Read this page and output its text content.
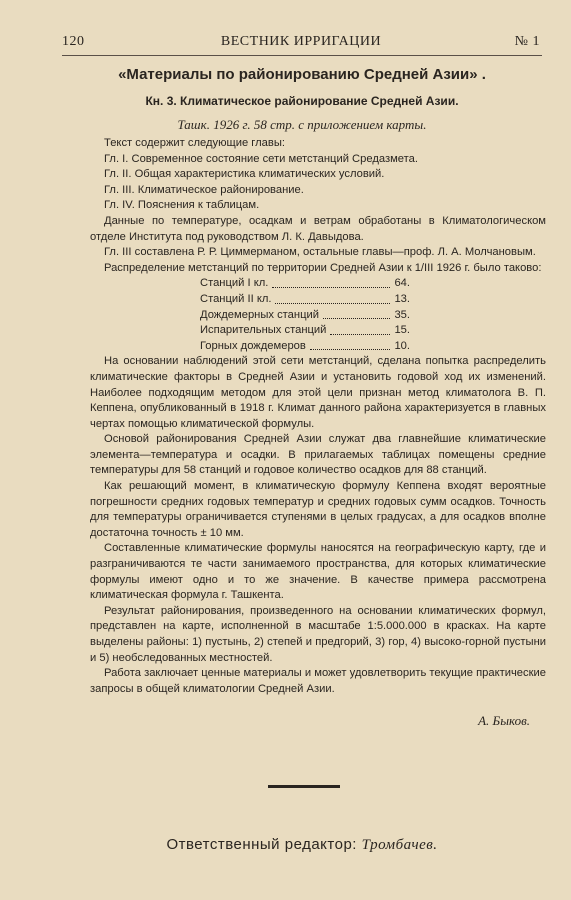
120	ВЕСТНИК ИРРИГАЦИИ	№ 1
«Материалы по районированию Средней Азии» .
Кн. 3. Климатическое районирование Средней Азии.
Ташк. 1926 г. 58 стр. с приложением карты.

Текст содержит следующие главы:

Гл. I. Современное состояние сети метстанций Средазмета.

Гл. II. Общая характеристика климатических условий.

Гл. III. Климатическое районирование.

Гл. IV. Пояснения к таблицам.

Данные по температуре, осадкам и ветрам обработаны в Климатологическом отделе Института под руководством Л. К. Давыдова.

Гл. III составлена Р. Р. Циммерманом, остальные главы—проф. Л. А. Молчановым.

Распределение метстанций по территории Средней Азии к 1/III 1926 г. было таково:

Станций I кл.	64.
Станций II кл.	13.
Дождемерных станций	35.
Испарительных станций	15.
Горных дождемеров	10.

На основании наблюдений этой сети метстанций, сделана попытка распределить климатические факторы в Средней Азии и установить годовой ход их изменений. Наиболее подходящим методом для этой цели признан метод климатолога В. П. Кеппена, опубликованный в 1918 г. Климат данного района характеризуется в главных чертах помощью климатической формулы.

Основой районирования Средней Азии служат два главнейшие климатические элемента—температура и осадки. В прилагаемых таблицах помещены средние температуры для 58 станций и годовое количество осадков для 88 станций.

Как решающий момент, в климатическую формулу Кеппена входят вероятные погрешности средних годовых температур и средних годовых сумм осадков. Точность для температуры ограничивается ступенями в целых градусах, а для осадков вполне достаточна точность ± 10 мм.

Составленные климатические формулы наносятся на географическую карту, где и разграничиваются те части занимаемого пространства, для которых климатические формулы имеют одно и то же значение. В качестве примера рассмотрена климатическая формула г. Ташкента.

Результат районирования, произведенного на основании климатических формул, представлен на карте, исполненной в масштабе 1:5.000.000 в красках. На карте выделены районы: 1) пустынь, 2) степей и предгорий, 3) гор, 4) высоко-горной пустыни и 5) необследованных местностей.

Работа заключает ценные материалы и может удовлетворить текущие практические запросы в общей климатологии Средней Азии.

А. Быков.
Ответственный редактор: Тромбачев.
